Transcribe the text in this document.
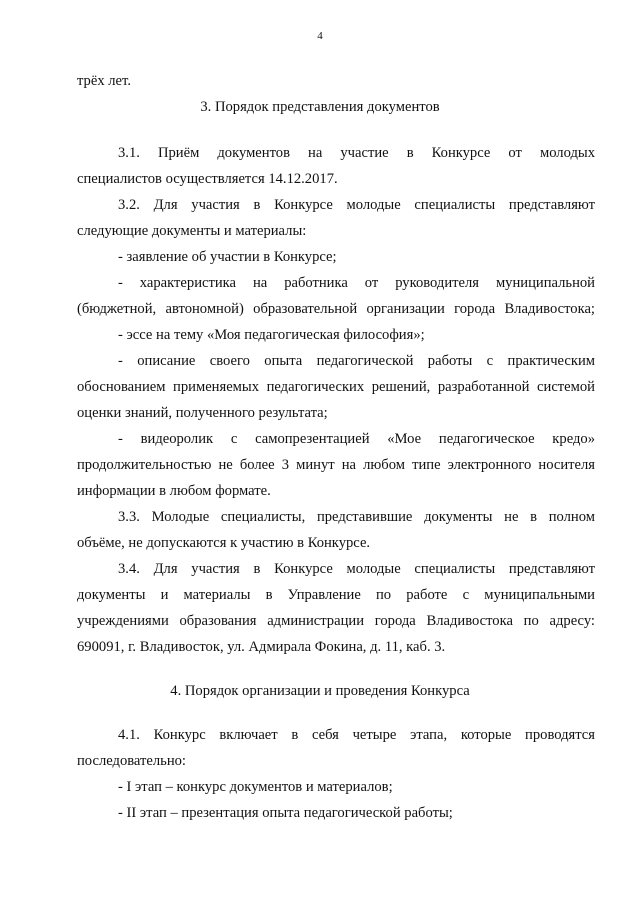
4
трёх лет.
3. Порядок представления документов
3.1. Приём документов на участие в Конкурсе от молодых
специалистов осуществляется 14.12.2017.
3.2. Для участия в Конкурсе молодые специалисты представляют
следующие документы и материалы:
- заявление об участии в Конкурсе;
- характеристика на работника от руководителя муниципальной
(бюджетной, автономной) образовательной организации города Владивостока;
- эссе на тему «Моя педагогическая философия»;
- описание своего опыта педагогической работы с практическим
обоснованием применяемых педагогических решений, разработанной системой
оценки знаний, полученного результата;
- видеоролик с самопрезентацией «Мое педагогическое кредо»
продолжительностью не более 3 минут на любом типе электронного носителя
информации в любом формате.
3.3. Молодые специалисты, представившие документы не в полном
объёме, не допускаются к участию в Конкурсе.
3.4. Для участия в Конкурсе молодые специалисты представляют
документы и материалы в Управление по работе с муниципальными
учреждениями образования администрации города Владивостока по адресу:
690091, г. Владивосток, ул. Адмирала Фокина, д. 11, каб. 3.
4. Порядок организации и проведения Конкурса
4.1. Конкурс включает в себя четыре этапа, которые проводятся
последовательно:
- I этап – конкурс документов и материалов;
- II этап – презентация опыта педагогической работы;
